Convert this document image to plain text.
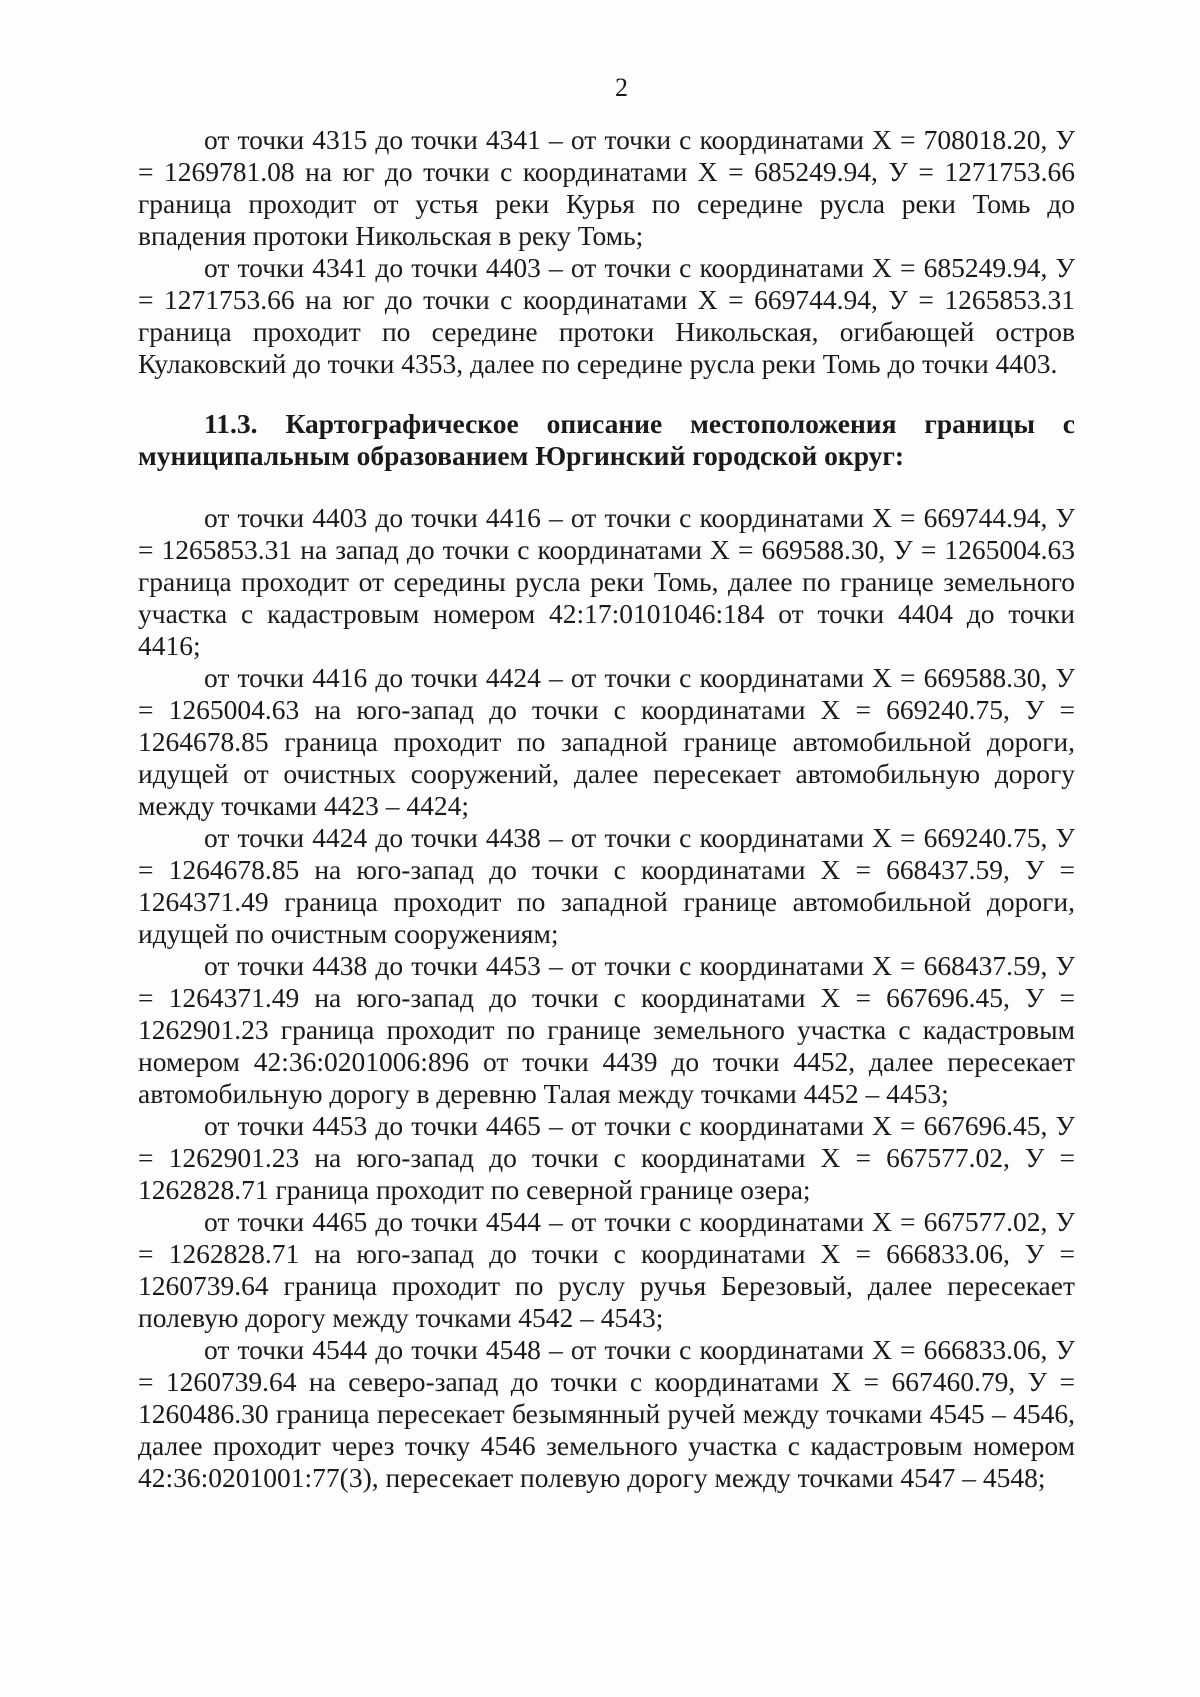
2

от точки 4315 до точки 4341 – от точки с координатами Х = 708018.20, У = 1269781.08 на юг до точки с координатами Х = 685249.94, У = 1271753.66 граница проходит от устья реки Курья по середине русла реки Томь до впадения протоки Никольская в реку Томь;

от точки 4341 до точки 4403 – от точки с координатами Х = 685249.94, У = 1271753.66 на юг до точки с координатами Х = 669744.94, У = 1265853.31 граница проходит по середине протоки Никольская, огибающей остров Кулаковский до точки 4353, далее по середине русла реки Томь до точки 4403.

11.3. Картографическое описание местоположения границы с муниципальным образованием Юргинский городской округ:

от точки 4403 до точки 4416 – от точки с координатами Х = 669744.94, У = 1265853.31 на запад до точки с координатами Х = 669588.30, У = 1265004.63 граница проходит от середины русла реки Томь, далее по границе земельного участка с кадастровым номером 42:17:0101046:184 от точки 4404 до точки 4416;

от точки 4416 до точки 4424 – от точки с координатами Х = 669588.30, У = 1265004.63 на юго-запад до точки с координатами Х = 669240.75, У = 1264678.85 граница проходит по западной границе автомобильной дороги, идущей от очистных сооружений, далее пересекает автомобильную дорогу между точками 4423 – 4424;

от точки 4424 до точки 4438 – от точки с координатами Х = 669240.75, У = 1264678.85 на юго-запад до точки с координатами Х = 668437.59, У = 1264371.49 граница проходит по западной границе автомобильной дороги, идущей по очистным сооружениям;

от точки 4438 до точки 4453 – от точки с координатами Х = 668437.59, У = 1264371.49 на юго-запад до точки с координатами Х = 667696.45, У = 1262901.23 граница проходит по границе земельного участка с кадастровым номером 42:36:0201006:896 от точки 4439 до точки 4452, далее пересекает автомобильную дорогу в деревню Талая между точками 4452 – 4453;

от точки 4453 до точки 4465 – от точки с координатами Х = 667696.45, У = 1262901.23 на юго-запад до точки с координатами Х = 667577.02, У = 1262828.71 граница проходит по северной границе озера;

от точки 4465 до точки 4544 – от точки с координатами Х = 667577.02, У = 1262828.71 на юго-запад до точки с координатами Х = 666833.06, У = 1260739.64 граница проходит по руслу ручья Березовый, далее пересекает полевую дорогу между точками 4542 – 4543;

от точки 4544 до точки 4548 – от точки с координатами Х = 666833.06, У = 1260739.64 на северо-запад до точки с координатами Х = 667460.79, У = 1260486.30 граница пересекает безымянный ручей между точками 4545 – 4546, далее проходит через точку 4546 земельного участка с кадастровым номером 42:36:0201001:77(3), пересекает полевую дорогу между точками 4547 – 4548;
